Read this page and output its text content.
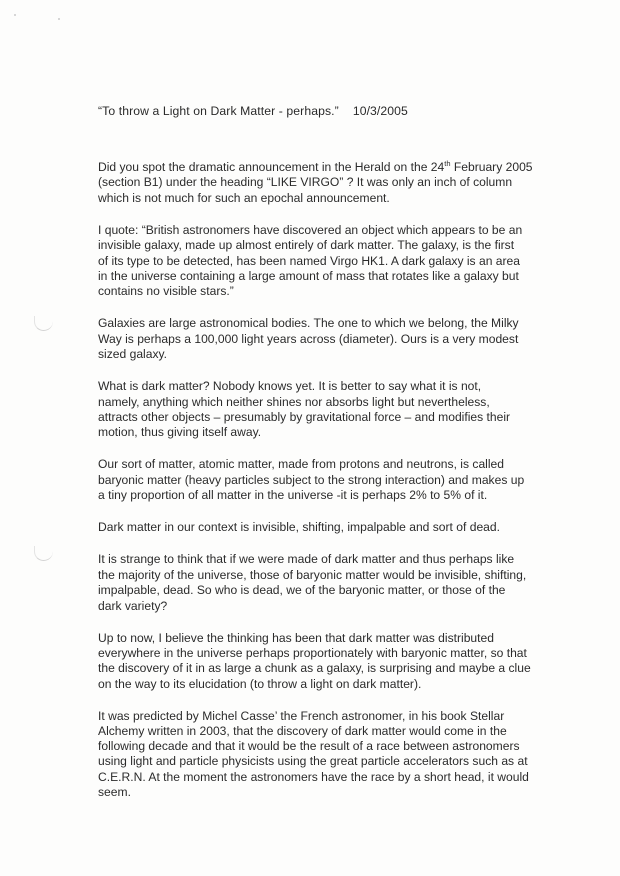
“To throw a Light on Dark Matter - perhaps.” 10/3/2005
Did you spot the dramatic announcement in the Herald on the 24th February 2005
(section B1) under the heading “LIKE VIRGO” ? It was only an inch of column
which is not much for such an epochal announcement.
I quote: “British astronomers have discovered an object which appears to be an
invisible galaxy, made up almost entirely of dark matter. The galaxy, is the first
of its type to be detected, has been named Virgo HK1. A dark galaxy is an area
in the universe containing a large amount of mass that rotates like a galaxy but
contains no visible stars.”
Galaxies are large astronomical bodies. The one to which we belong, the Milky
Way is perhaps a 100,000 light years across (diameter). Ours is a very modest
sized galaxy.
What is dark matter? Nobody knows yet. It is better to say what it is not,
namely, anything which neither shines nor absorbs light but nevertheless,
attracts other objects – presumably by gravitational force – and modifies their
motion, thus giving itself away.
Our sort of matter, atomic matter, made from protons and neutrons, is called
baryonic matter (heavy particles subject to the strong interaction) and makes up
a tiny proportion of all matter in the universe -it is perhaps 2% to 5% of it.
Dark matter in our context is invisible, shifting, impalpable and sort of dead.
It is strange to think that if we were made of dark matter and thus perhaps like
the majority of the universe, those of baryonic matter would be invisible, shifting,
impalpable, dead. So who is dead, we of the baryonic matter, or those of the
dark variety?
Up to now, I believe the thinking has been that dark matter was distributed
everywhere in the universe perhaps proportionately with baryonic matter, so that
the discovery of it in as large a chunk as a galaxy, is surprising and maybe a clue
on the way to its elucidation (to throw a light on dark matter).
It was predicted by Michel Casse’ the French astronomer, in his book Stellar
Alchemy written in 2003, that the discovery of dark matter would come in the
following decade and that it would be the result of a race between astronomers
using light and particle physicists using the great particle accelerators such as at
C.E.R.N. At the moment the astronomers have the race by a short head, it would
seem.
